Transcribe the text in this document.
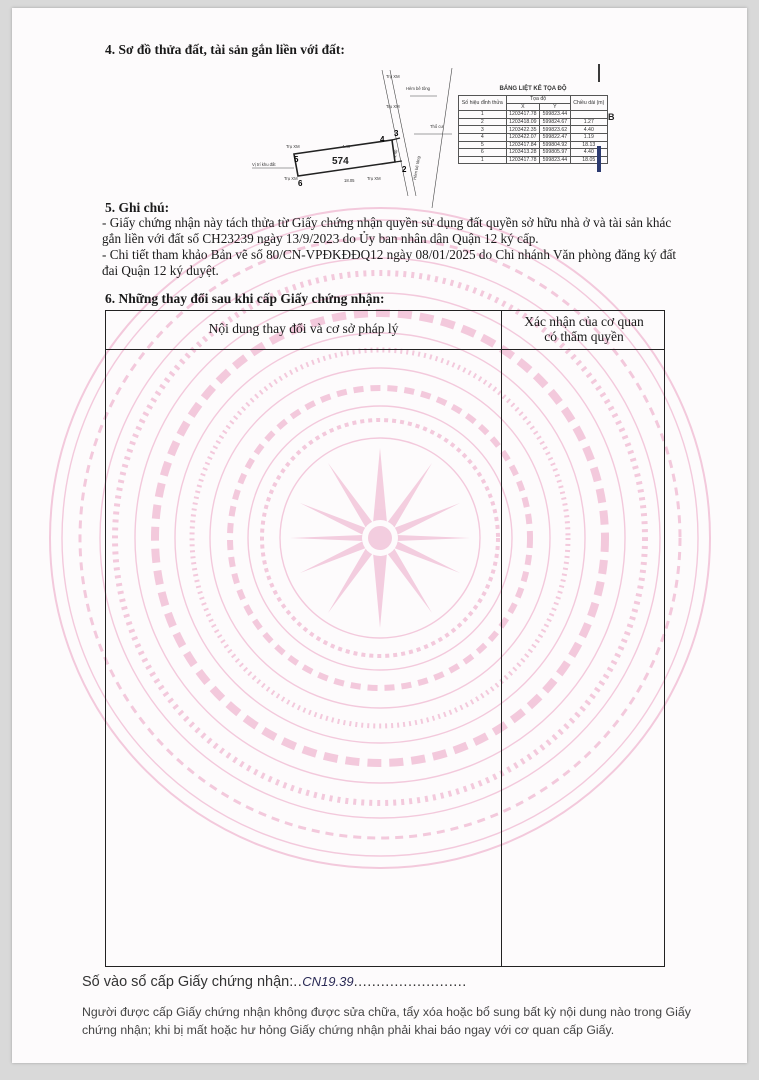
4. Sơ đồ thửa đất, tài sản gắn liền với đất:
574
2
3
4
5
6
Hẻm bê tông
Trụ XM
Trụ XM
Trụ XM
Trụ XM	Trụ XM
Thổ cư
Vị trí khu đất	Hẻm bê tông
4.40
18.05
4.40
BẢNG LIỆT KÊ TỌA ĐỘ
Số hiệu đỉnh thửa	Tọa độ		Chiều dài (m)
	X	Y	
1	1203417.78	599823.44	
2	1203418.09	599824.67	1.27
3	1203422.35	599823.62	4.40
4	1203422.07	599822.47	1.19
5	1203417.84	599804.92	18.13
6	1203413.28	599805.97	4.40
1	1203417.78	599823.44	18.05
B
5. Ghi chú:

- Giấy chứng nhận này tách thửa từ Giấy chứng nhận quyền sử dụng đất quyền sở hữu nhà ở và tài sản khác gắn liền với đất số CH23239 ngày 13/9/2023 do Ủy ban nhân dân Quận 12 ký cấp.

- Chi tiết tham khảo Bản vẽ số 80/CN-VPĐKĐĐQ12 ngày 08/01/2025 do Chi nhánh Văn phòng đăng ký đất đai Quận 12 ký duyệt.

6. Những thay đổi sau khi cấp Giấy chứng nhận:
Nội dung thay đổi và cơ sở pháp lý	Xác nhận của cơ quan
có thẩm quyền
Số vào sổ cấp Giấy chứng nhận:..CN19.39.........................

Người được cấp Giấy chứng nhận không được sửa chữa, tẩy xóa hoặc bổ sung bất kỳ nội dung nào trong Giấy chứng nhận; khi bị mất hoặc hư hỏng Giấy chứng nhận phải khai báo ngay với cơ quan cấp Giấy.
